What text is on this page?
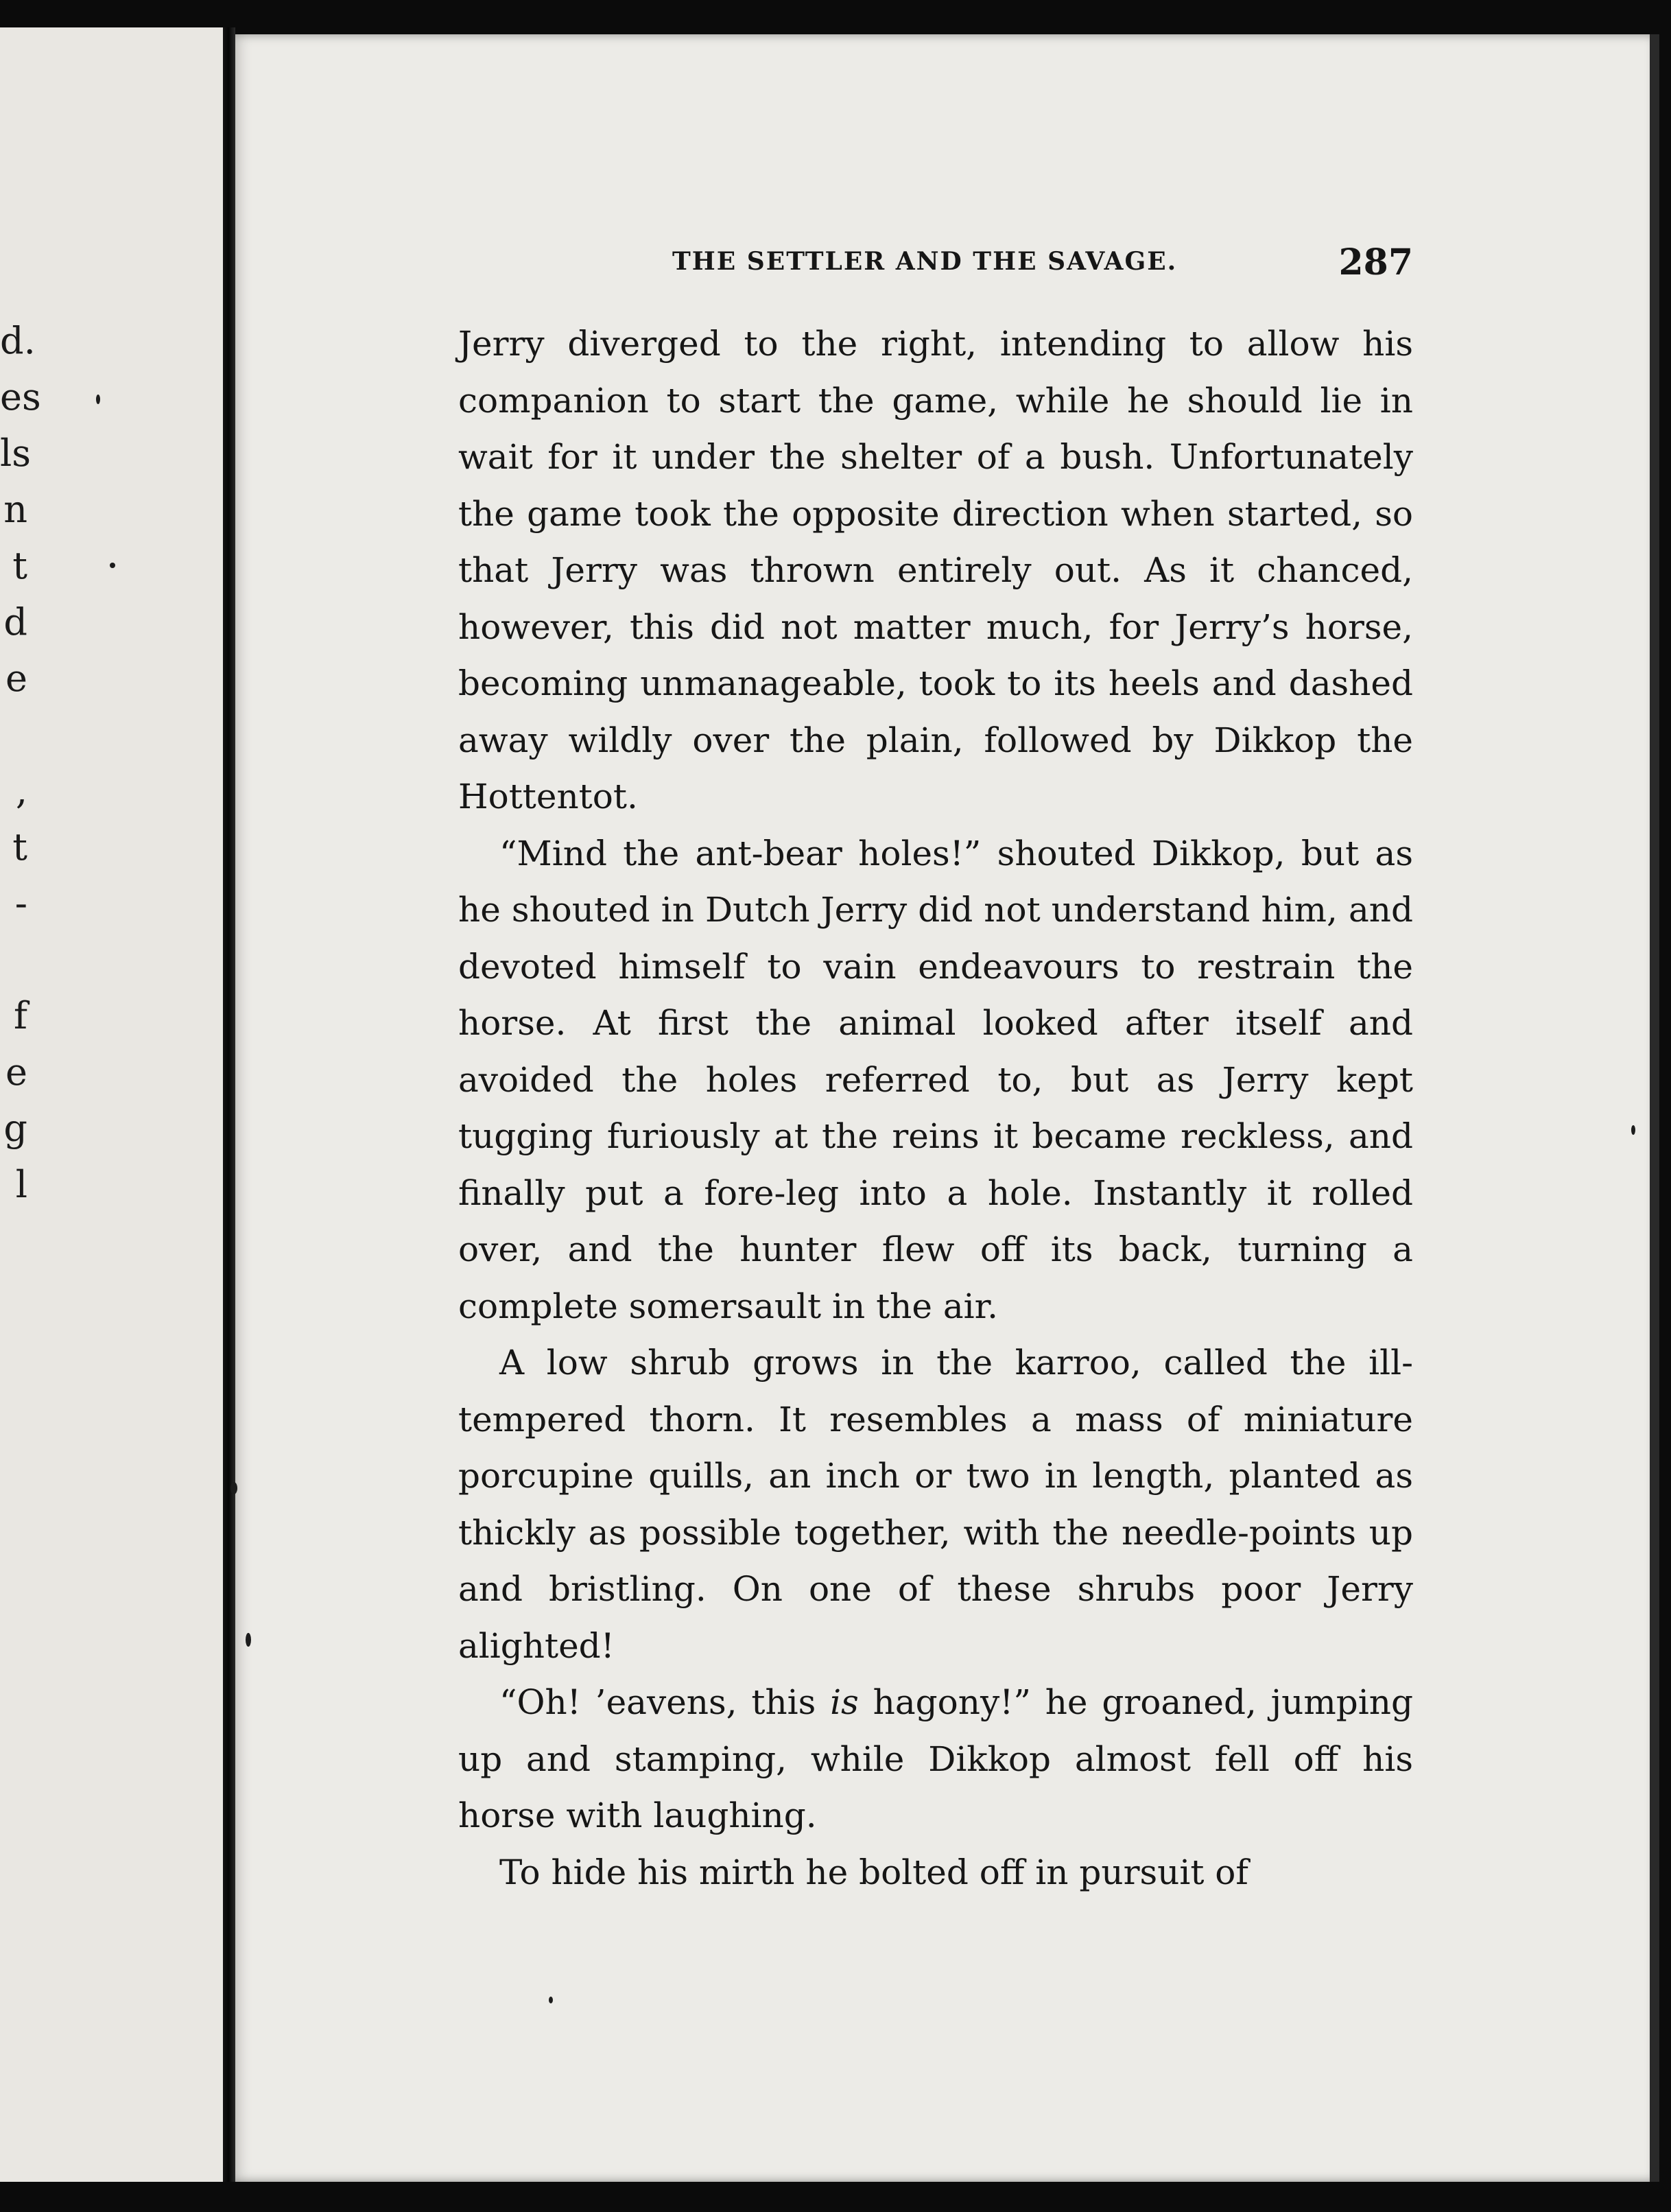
d.
es
ls
n
t
d
e
,
t
-
f
e
g
l
THE SETTLER AND THE SAVAGE.	287

Jerry diverged to the right, intending to allow his companion to start the game, while he should lie in wait for it under the shelter of a bush. Unfortunately the game took the opposite direction when started, so that Jerry was thrown entirely out. As it chanced, however, this did not matter much, for Jerry’s horse, becoming unmanageable, took to its heels and dashed away wildly over the plain, followed by Dikkop the Hottentot.

“Mind the ant-bear holes!” shouted Dikkop, but as he shouted in Dutch Jerry did not understand him, and devoted himself to vain endeavours to restrain the horse. At first the animal looked after itself and avoided the holes referred to, but as Jerry kept tugging furiously at the reins it became reckless, and finally put a fore-leg into a hole. Instantly it rolled over, and the hunter flew off its back, turning a complete somersault in the air.

A low shrub grows in the karroo, called the ill-tempered thorn. It resembles a mass of miniature porcupine quills, an inch or two in length, planted as thickly as possible together, with the needle-points up and bristling. On one of these shrubs poor Jerry alighted!

“Oh! ’eavens, this is hagony!” he groaned, jumping up and stamping, while Dikkop almost fell off his horse with laughing.

To hide his mirth he bolted off in pursuit of
